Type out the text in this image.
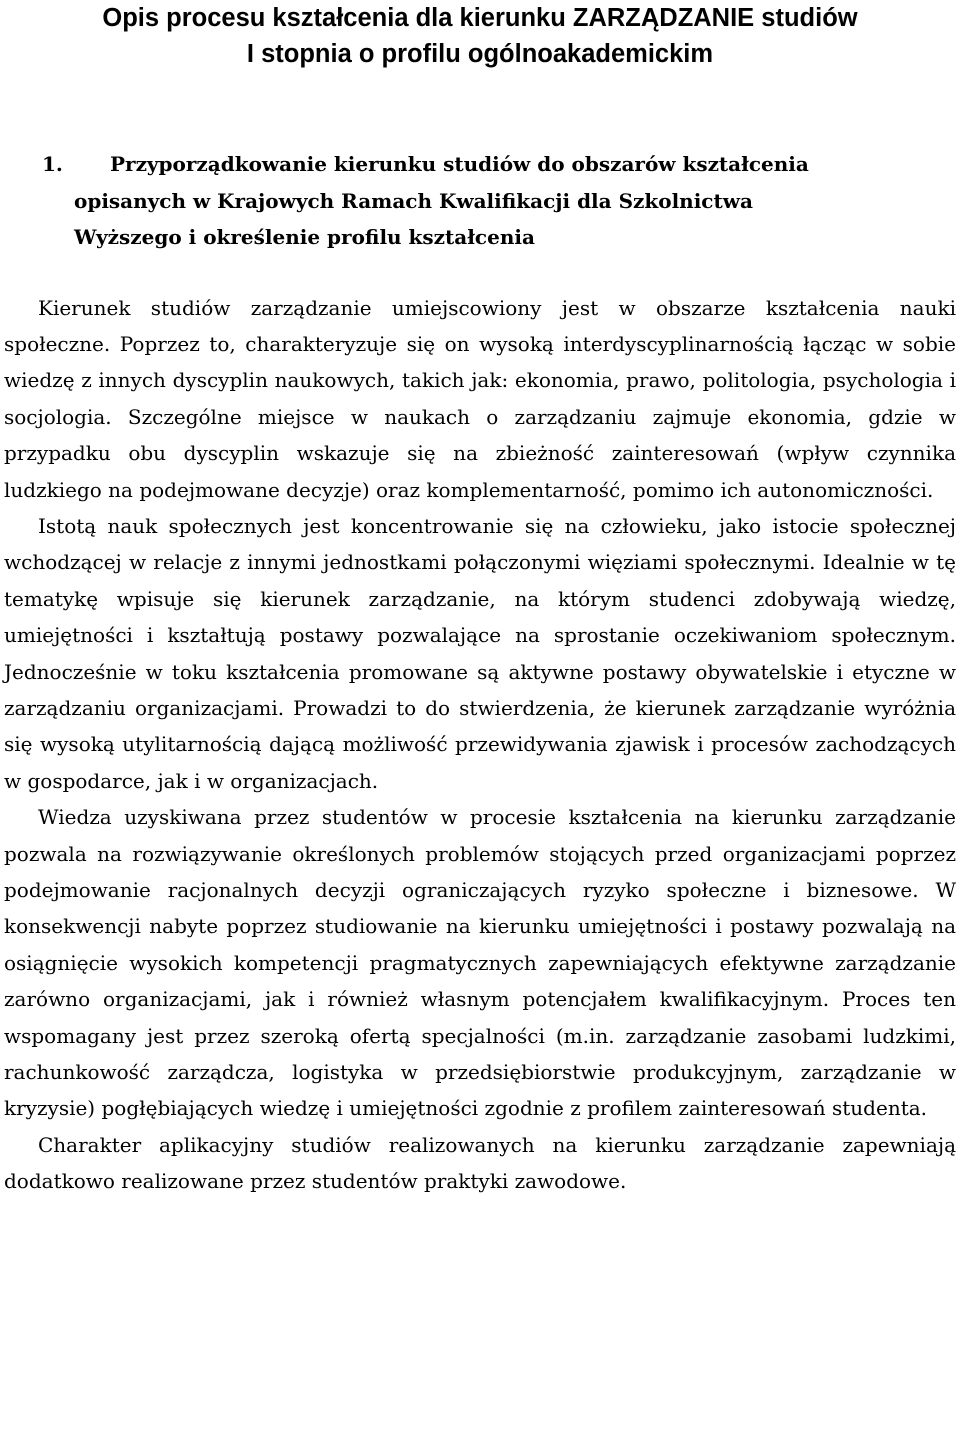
Opis procesu kształcenia dla kierunku ZARZĄDZANIE studiów
I stopnia o profilu ogólnoakademickim
1. Przyporządkowanie kierunku studiów do obszarów kształcenia
opisanych w Krajowych Ramach Kwalifikacji dla Szkolnictwa
Wyższego i określenie profilu kształcenia

Kierunek studiów zarządzanie umiejscowiony jest w obszarze kształcenia nauki społeczne. Poprzez to, charakteryzuje się on wysoką interdyscyplinarnością łącząc w sobie wiedzę z innych dyscyplin naukowych, takich jak: ekonomia, prawo, politologia, psychologia i socjologia. Szczególne miejsce w naukach o zarządzaniu zajmuje ekonomia, gdzie w przypadku obu dyscyplin wskazuje się na zbieżność zainteresowań (wpływ czynnika ludzkiego na podejmowane decyzje) oraz komplementarność, pomimo ich autonomiczności.

Istotą nauk społecznych jest koncentrowanie się na człowieku, jako istocie społecznej wchodzącej w relacje z innymi jednostkami połączonymi więziami społecznymi. Idealnie w tę tematykę wpisuje się kierunek zarządzanie, na którym studenci zdobywają wiedzę, umiejętności i kształtują postawy pozwalające na sprostanie oczekiwaniom społecznym. Jednocześnie w toku kształcenia promowane są aktywne postawy obywatelskie i etyczne w zarządzaniu organizacjami. Prowadzi to do stwierdzenia, że kierunek zarządzanie wyróżnia się wysoką utylitarnością dającą możliwość przewidywania zjawisk i procesów zachodzących w gospodarce, jak i w organizacjach.

Wiedza uzyskiwana przez studentów w procesie kształcenia na kierunku zarządzanie pozwala na rozwiązywanie określonych problemów stojących przed organizacjami poprzez podejmowanie racjonalnych decyzji ograniczających ryzyko społeczne i biznesowe. W konsekwencji nabyte poprzez studiowanie na kierunku umiejętności i postawy pozwalają na osiągnięcie wysokich kompetencji pragmatycznych zapewniających efektywne zarządzanie zarówno organizacjami, jak i również własnym potencjałem kwalifikacyjnym. Proces ten wspomagany jest przez szeroką ofertą specjalności (m.in. zarządzanie zasobami ludzkimi, rachunkowość zarządcza, logistyka w przedsiębiorstwie produkcyjnym, zarządzanie w kryzysie) pogłębiających wiedzę i umiejętności zgodnie z profilem zainteresowań studenta.

Charakter aplikacyjny studiów realizowanych na kierunku zarządzanie zapewniają dodatkowo realizowane przez studentów praktyki zawodowe.
